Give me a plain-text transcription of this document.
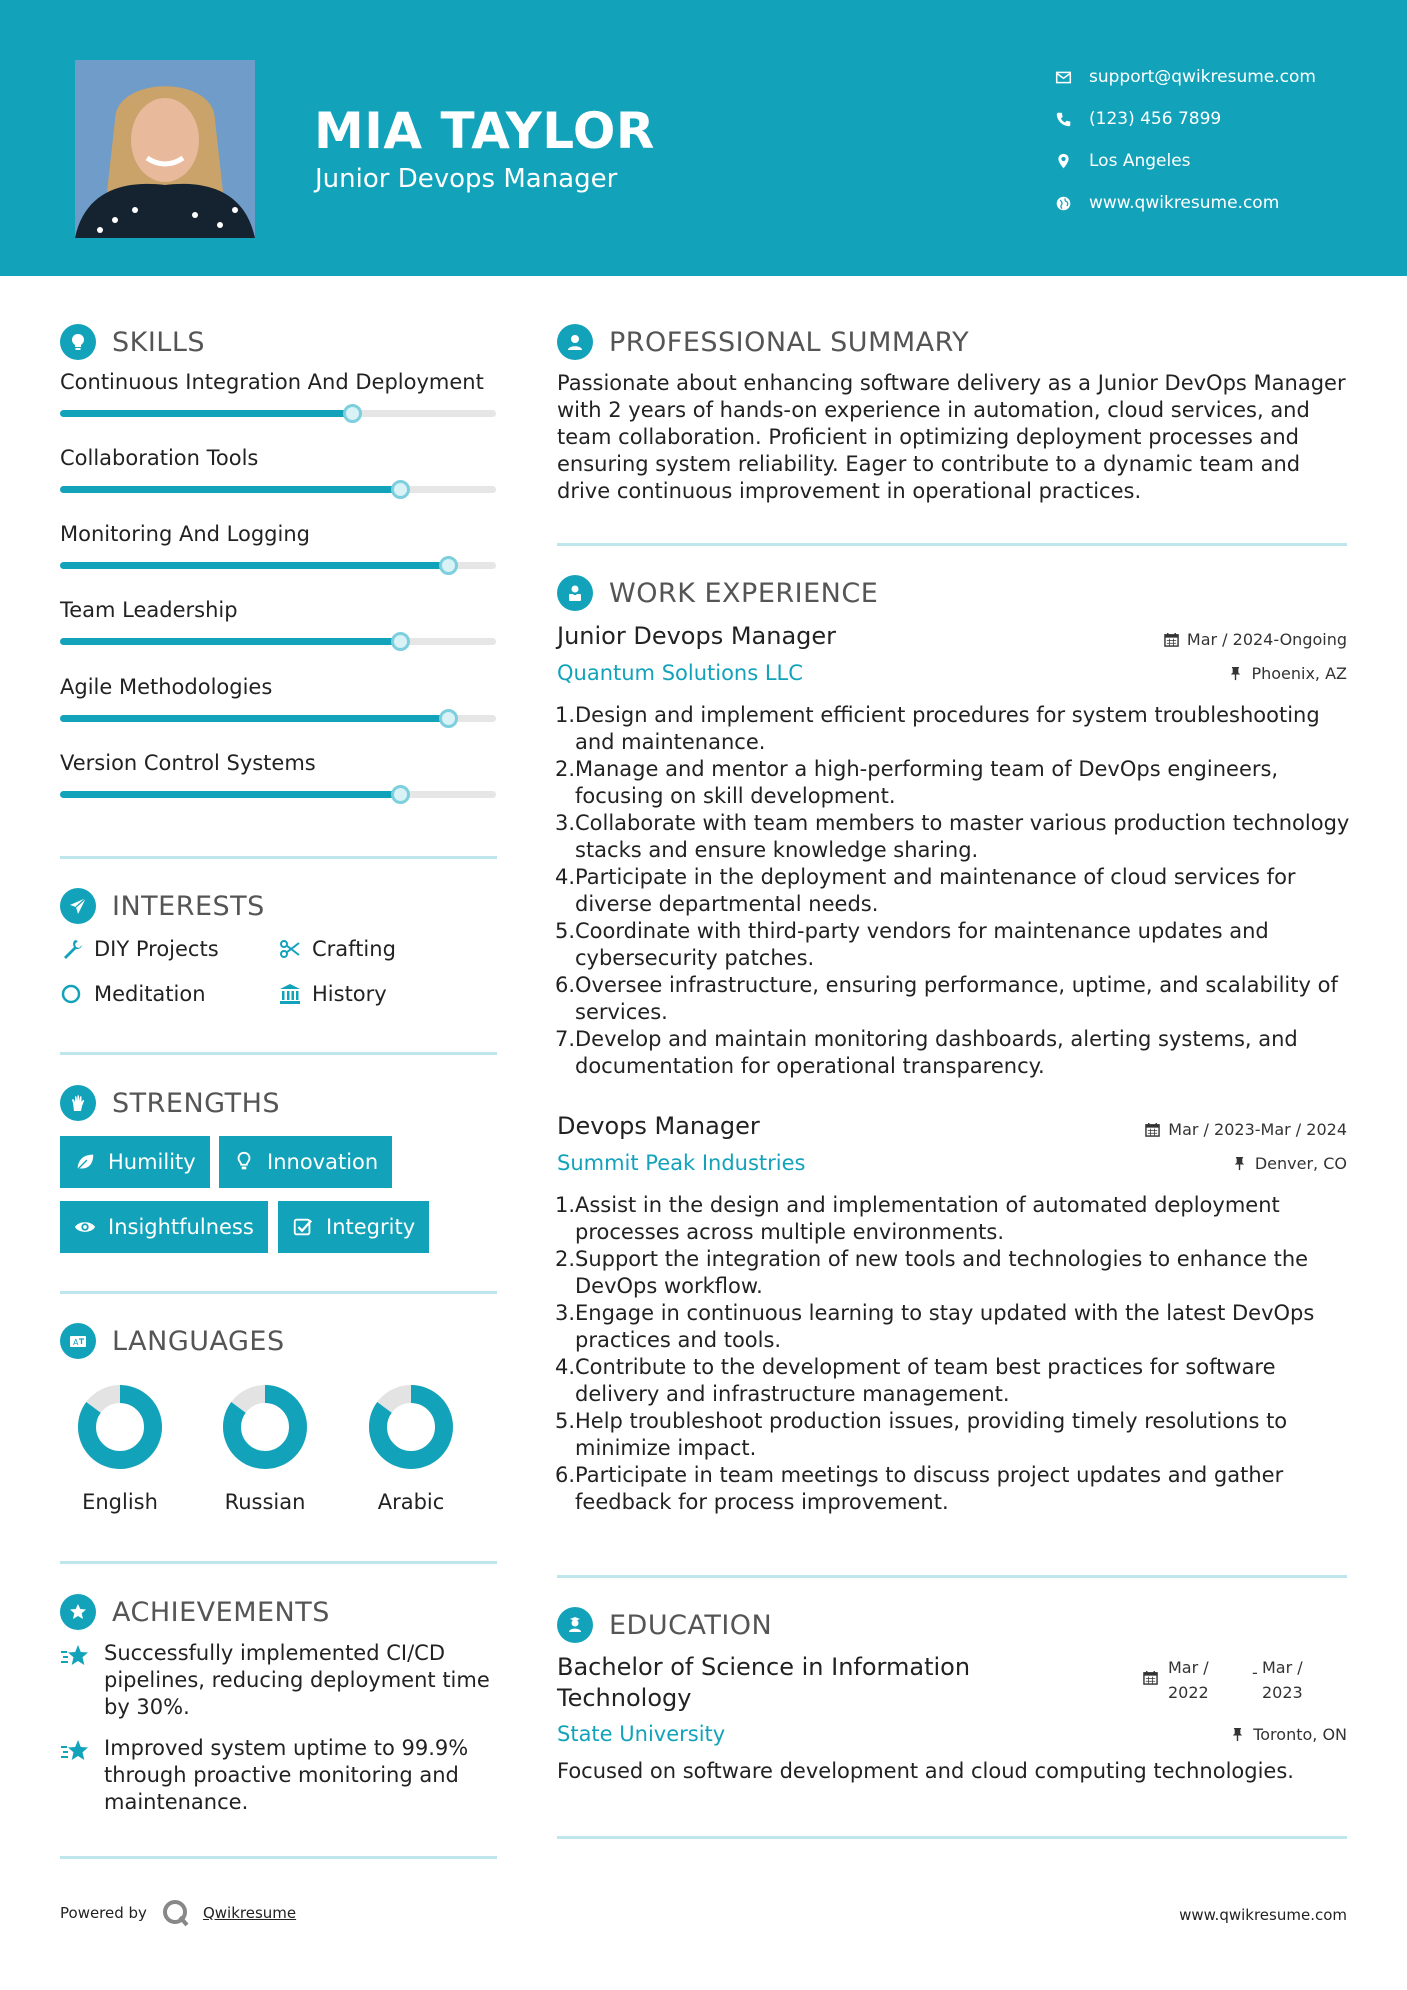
MIA TAYLOR
Junior Devops Manager
support@qwikresume.com
(123) 456 7899
Los Angeles
www.qwikresume.com
SKILLS
Continuous Integration And Deployment
Collaboration Tools
Monitoring And Logging
Team Leadership
Agile Methodologies
Version Control Systems
INTERESTS
DIY Projects	Crafting
Meditation	History
STRENGTHS
Humility	Innovation
Insightfulness	Integrity
A LANGUAGES
English	Russian	Arabic
ACHIEVEMENTS
Successfully implemented CI/CD pipelines, reducing deployment time by 30%.
Improved system uptime to 99.9% through proactive monitoring and maintenance.
PROFESSIONAL SUMMARY
Passionate about enhancing software delivery as a Junior DevOps Manager with 2 years of hands-on experience in automation, cloud services, and team collaboration. Proficient in optimizing deployment processes and ensuring system reliability. Eager to contribute to a dynamic team and drive continuous improvement in operational practices.
WORK EXPERIENCE
Junior Devops Manager	Mar / 2024-Ongoing
Quantum Solutions LLC	Phoenix, AZ
Design and implement efficient procedures for system troubleshooting and maintenance.
Manage and mentor a high-performing team of DevOps engineers, focusing on skill development.
Collaborate with team members to master various production technology stacks and ensure knowledge sharing.
Participate in the deployment and maintenance of cloud services for diverse departmental needs.
Coordinate with third-party vendors for maintenance updates and cybersecurity patches.
Oversee infrastructure, ensuring performance, uptime, and scalability of services.
Develop and maintain monitoring dashboards, alerting systems, and documentation for operational transparency.
Devops Manager	Mar / 2023-Mar / 2024
Summit Peak Industries	Denver, CO
Assist in the design and implementation of automated deployment processes across multiple environments.
Support the integration of new tools and technologies to enhance the DevOps workflow.
Engage in continuous learning to stay updated with the latest DevOps practices and tools.
Contribute to the development of team best practices for software delivery and infrastructure management.
Help troubleshoot production issues, providing timely resolutions to minimize impact.
Participate in team meetings to discuss project updates and gather feedback for process improvement.
EDUCATION
Bachelor of Science in Information Technology
Mar /
2022
- Mar /
2023
State University	Toronto, ON
Focused on software development and cloud computing technologies.
Powered by	Qwikresume	www.qwikresume.com
